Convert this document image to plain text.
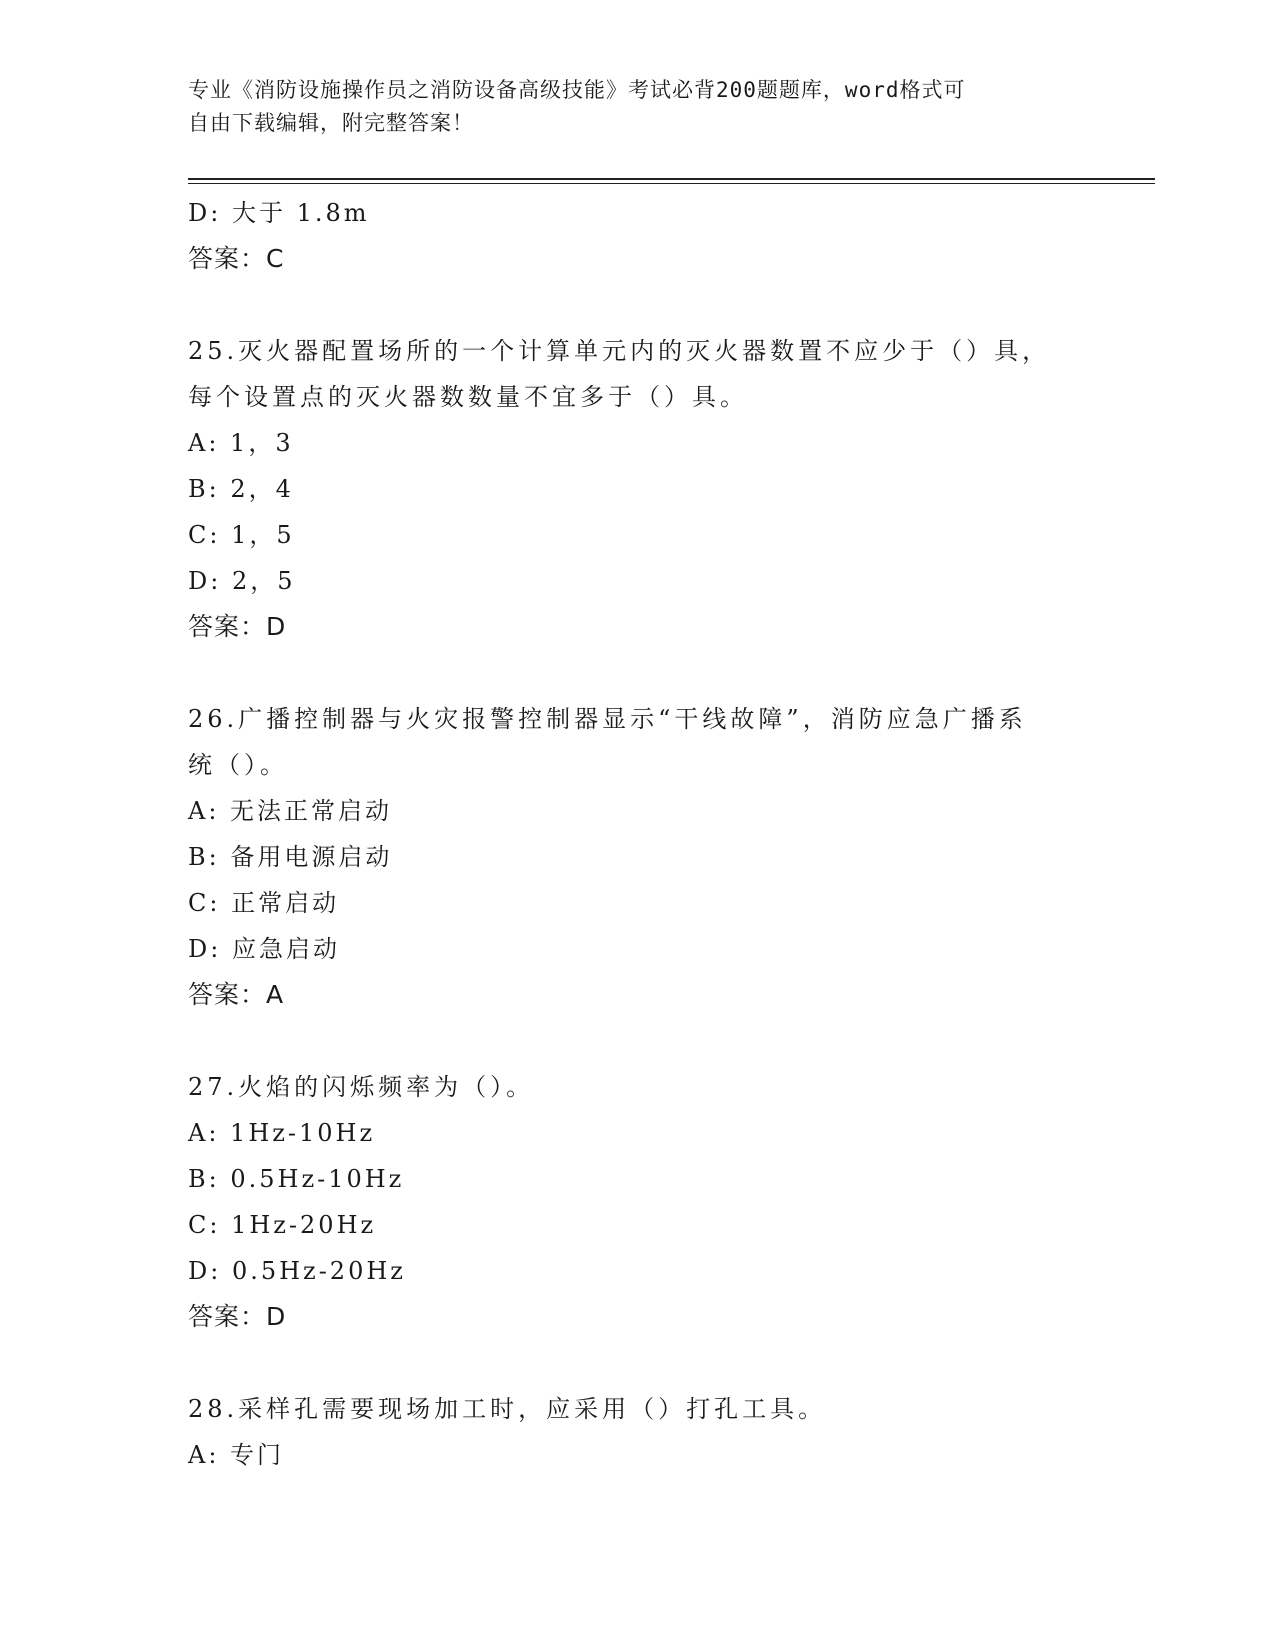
专业《消防设施操作员之消防设备高级技能》考试必背200题题库，word格式可
自由下载编辑，附完整答案！
D: 大于 1.8m
答案：C
25.灭火器配置场所的一个计算单元内的灭火器数置不应少于（）具，
每个设置点的灭火器数数量不宜多于（）具。
A: 1，3
B: 2，4
C: 1，5
D: 2，5
答案：D
26.广播控制器与火灾报警控制器显示“干线故障”，消防应急广播系
统（）。
A: 无法正常启动
B: 备用电源启动
C: 正常启动
D: 应急启动
答案：A
27.火焰的闪烁频率为（）。
A: 1Hz-10Hz
B: 0.5Hz-10Hz
C: 1Hz-20Hz
D: 0.5Hz-20Hz
答案：D
28.采样孔需要现场加工时，应采用（）打孔工具。
A: 专门
